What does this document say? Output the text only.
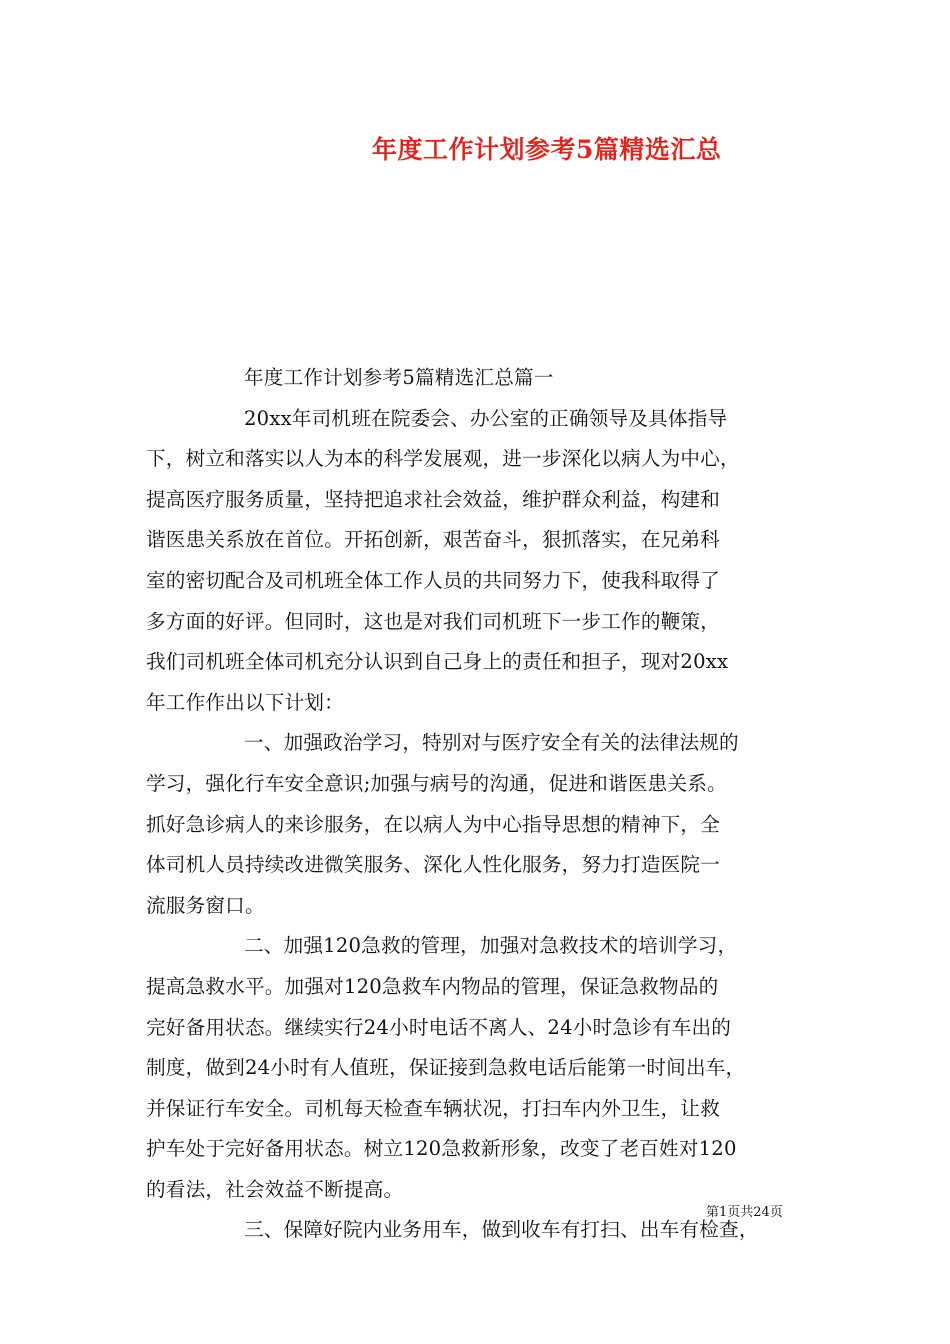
年度工作计划参考5篇精选汇总
年度工作计划参考5篇精选汇总篇一
20xx年司机班在院委会、办公室的正确领导及具体指导
下，树立和落实以人为本的科学发展观，进一步深化以病人为中心，
提高医疗服务质量，坚持把追求社会效益，维护群众利益，构建和
谐医患关系放在首位。开拓创新，艰苦奋斗，狠抓落实，在兄弟科
室的密切配合及司机班全体工作人员的共同努力下，使我科取得了
多方面的好评。但同时，这也是对我们司机班下一步工作的鞭策，
我们司机班全体司机充分认识到自己身上的责任和担子，现对20xx
年工作作出以下计划：
一、加强政治学习，特别对与医疗安全有关的法律法规的
学习，强化行车安全意识;加强与病号的沟通，促进和谐医患关系。
抓好急诊病人的来诊服务，在以病人为中心指导思想的精神下，全
体司机人员持续改进微笑服务、深化人性化服务，努力打造医院一
流服务窗口。
二、加强120急救的管理，加强对急救技术的培训学习，
提高急救水平。加强对120急救车内物品的管理，保证急救物品的
完好备用状态。继续实行24小时电话不离人、24小时急诊有车出的
制度，做到24小时有人值班，保证接到急救电话后能第一时间出车，
并保证行车安全。司机每天检查车辆状况，打扫车内外卫生，让救
护车处于完好备用状态。树立120急救新形象，改变了老百姓对120
的看法，社会效益不断提高。
三、保障好院内业务用车，做到收车有打扫、出车有检查，
第1页共24页
